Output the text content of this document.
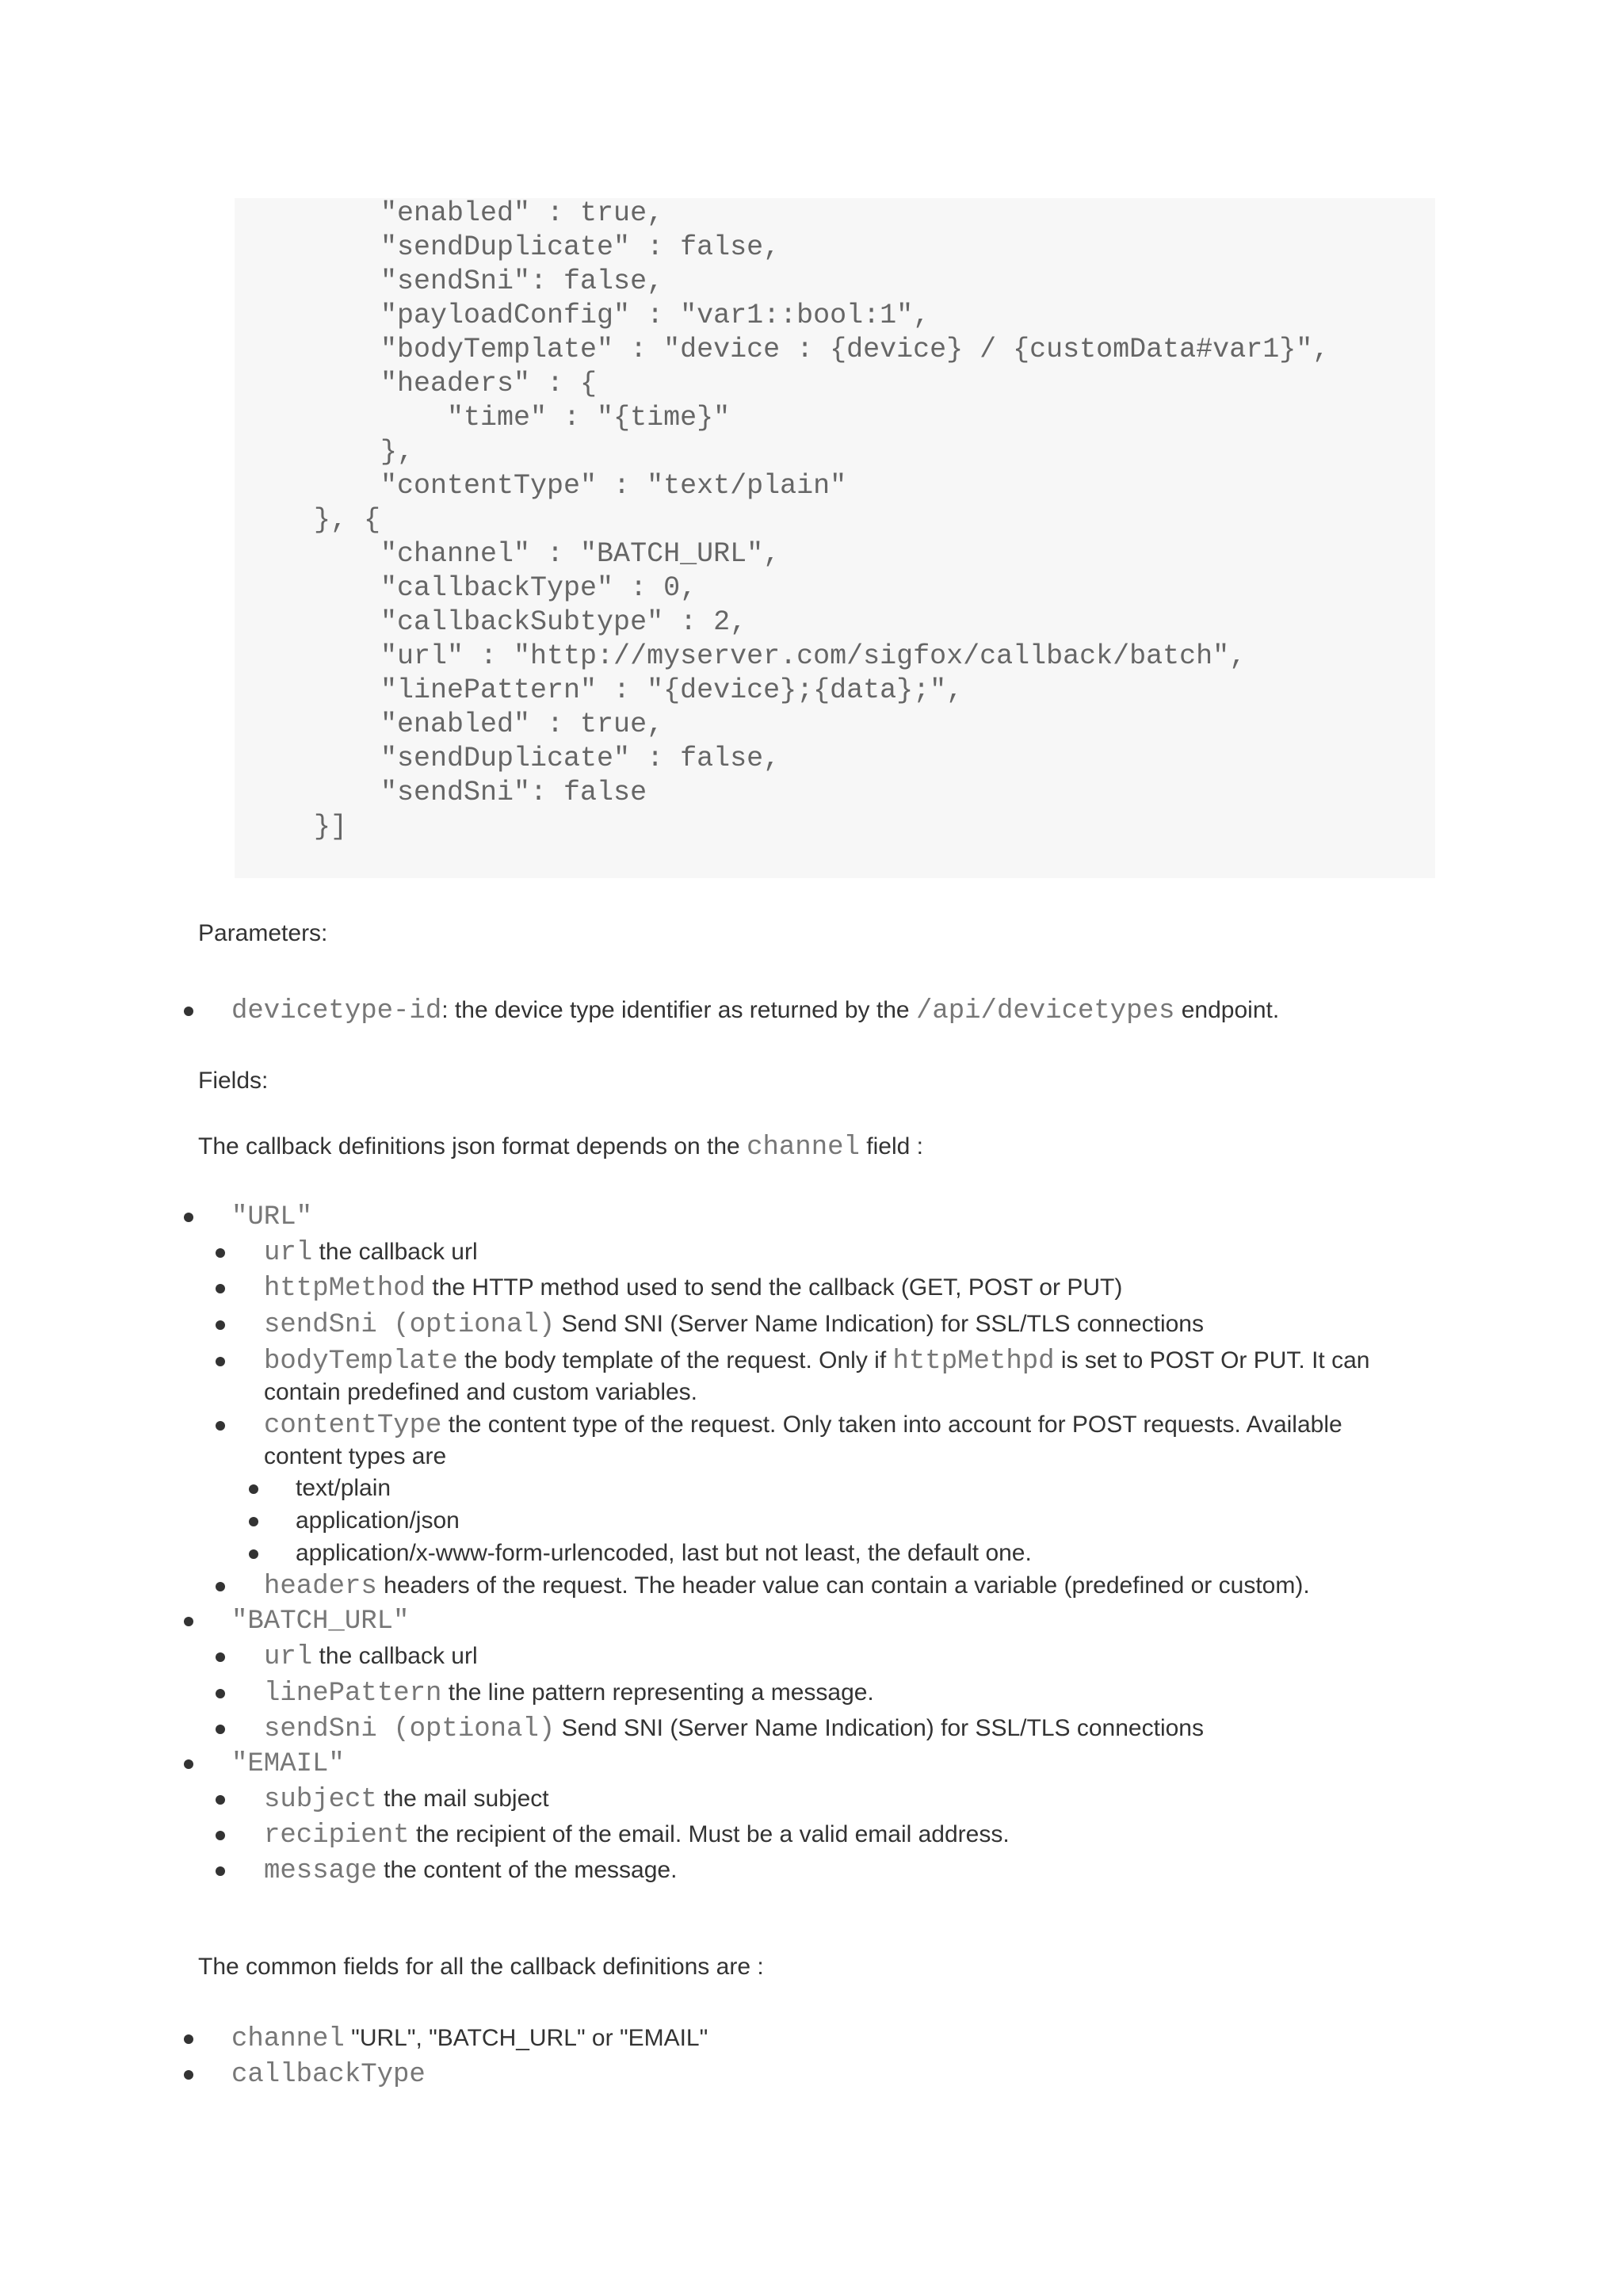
"enabled" : true,
"sendDuplicate" : false,
"sendSni": false,
"payloadConfig" : "var1::bool:1",
"bodyTemplate" : "device : {device} / {customData#var1}",
"headers" : {
"time" : "{time}"
},
"contentType" : "text/plain"
}, {
"channel" : "BATCH_URL",
"callbackType" : 0,
"callbackSubtype" : 2,
"url" : "http://myserver.com/sigfox/callback/batch",
"linePattern" : "{device};{data};",
"enabled" : true,
"sendDuplicate" : false,
"sendSni": false
}]

Parameters:

devicetype-id: the device type identifier as returned by the /api/devicetypes endpoint.

Fields:

The callback definitions json format depends on the channel field :

"URL"

url the callback url

httpMethod the HTTP method used to send the callback (GET, POST or PUT)

sendSni (optional) Send SNI (Server Name Indication) for SSL/TLS connections

bodyTemplate the body template of the request. Only if httpMethpd is set to POST Or PUT. It can

contain predefined and custom variables.

contentType the content type of the request. Only taken into account for POST requests. Available

content types are

text/plain

application/json

application/x-www-form-urlencoded, last but not least, the default one.

headers headers of the request. The header value can contain a variable (predefined or custom).

"BATCH_URL"

url the callback url

linePattern the line pattern representing a message.

sendSni (optional) Send SNI (Server Name Indication) for SSL/TLS connections

"EMAIL"

subject the mail subject

recipient the recipient of the email. Must be a valid email address.

message the content of the message.

The common fields for all the callback definitions are :

channel "URL", "BATCH_URL" or "EMAIL"

callbackType
